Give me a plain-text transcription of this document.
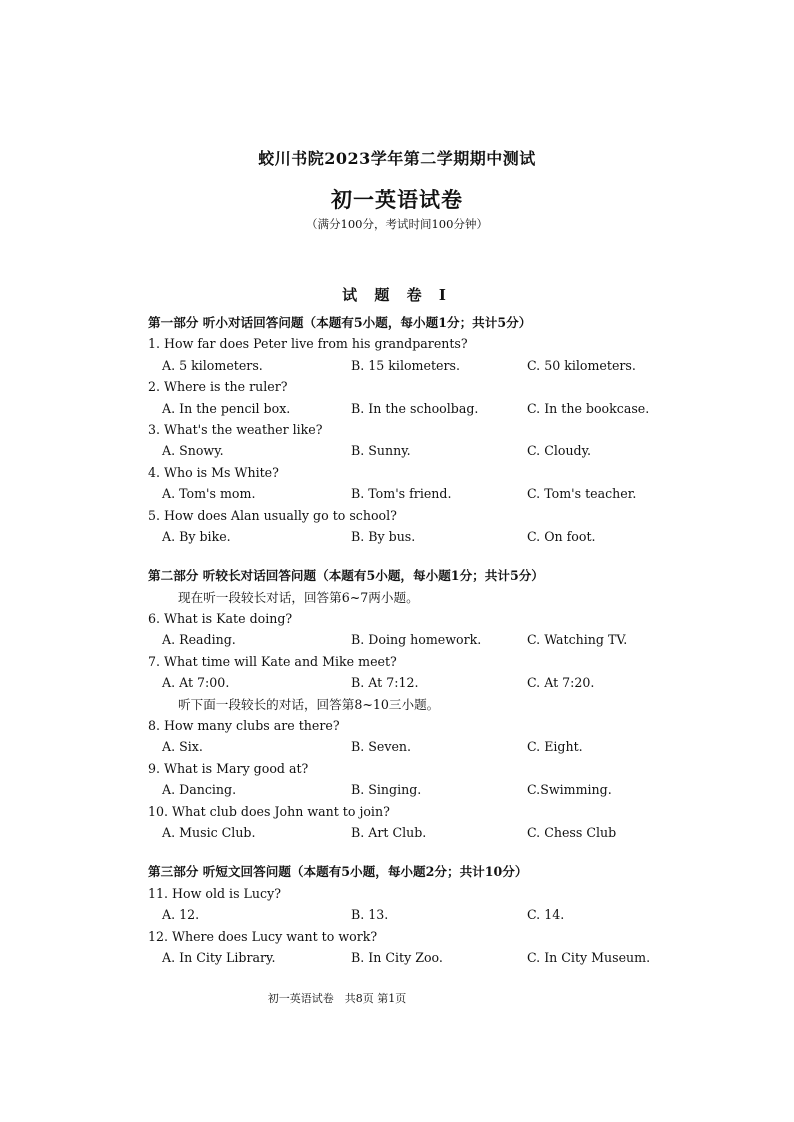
蛟川书院2023学年第二学期期中测试
初一英语试卷
（满分100分，考试时间100分钟）
试 题 卷 I
第一部分 听小对话回答问题（本题有5小题，每小题1分；共计5分）
1. How far does Peter live from his grandparents?
A. 5 kilometers.	B. 15 kilometers.	C. 50 kilometers.
2. Where is the ruler?
A. In the pencil box.	B. In the schoolbag.	C. In the bookcase.
3. What's the weather like?
A. Snowy.	B. Sunny.	C. Cloudy.
4. Who is Ms White?
A. Tom's mom.	B. Tom's friend.	C. Tom's teacher.
5. How does Alan usually go to school?
A. By bike.	B. By bus.	C. On foot.
第二部分 听较长对话回答问题（本题有5小题，每小题1分；共计5分）
现在听一段较长对话，回答第6~7两小题。
6. What is Kate doing?
A. Reading.	B. Doing homework.	C. Watching TV.
7. What time will Kate and Mike meet?
A. At 7:00.	B. At 7:12.	C. At 7:20.
听下面一段较长的对话，回答第8~10三小题。
8. How many clubs are there?
A. Six.	B. Seven.	C. Eight.
9. What is Mary good at?
A. Dancing.	B. Singing.	C.Swimming.
10. What club does John want to join?
A. Music Club.	B. Art Club.	C. Chess Club
第三部分 听短文回答问题（本题有5小题，每小题2分；共计10分）
11. How old is Lucy?
A. 12.	B. 13.	C. 14.
12. Where does Lucy want to work?
A. In City Library.	B. In City Zoo.	C. In City Museum.
初一英语试卷　共8页 第1页
